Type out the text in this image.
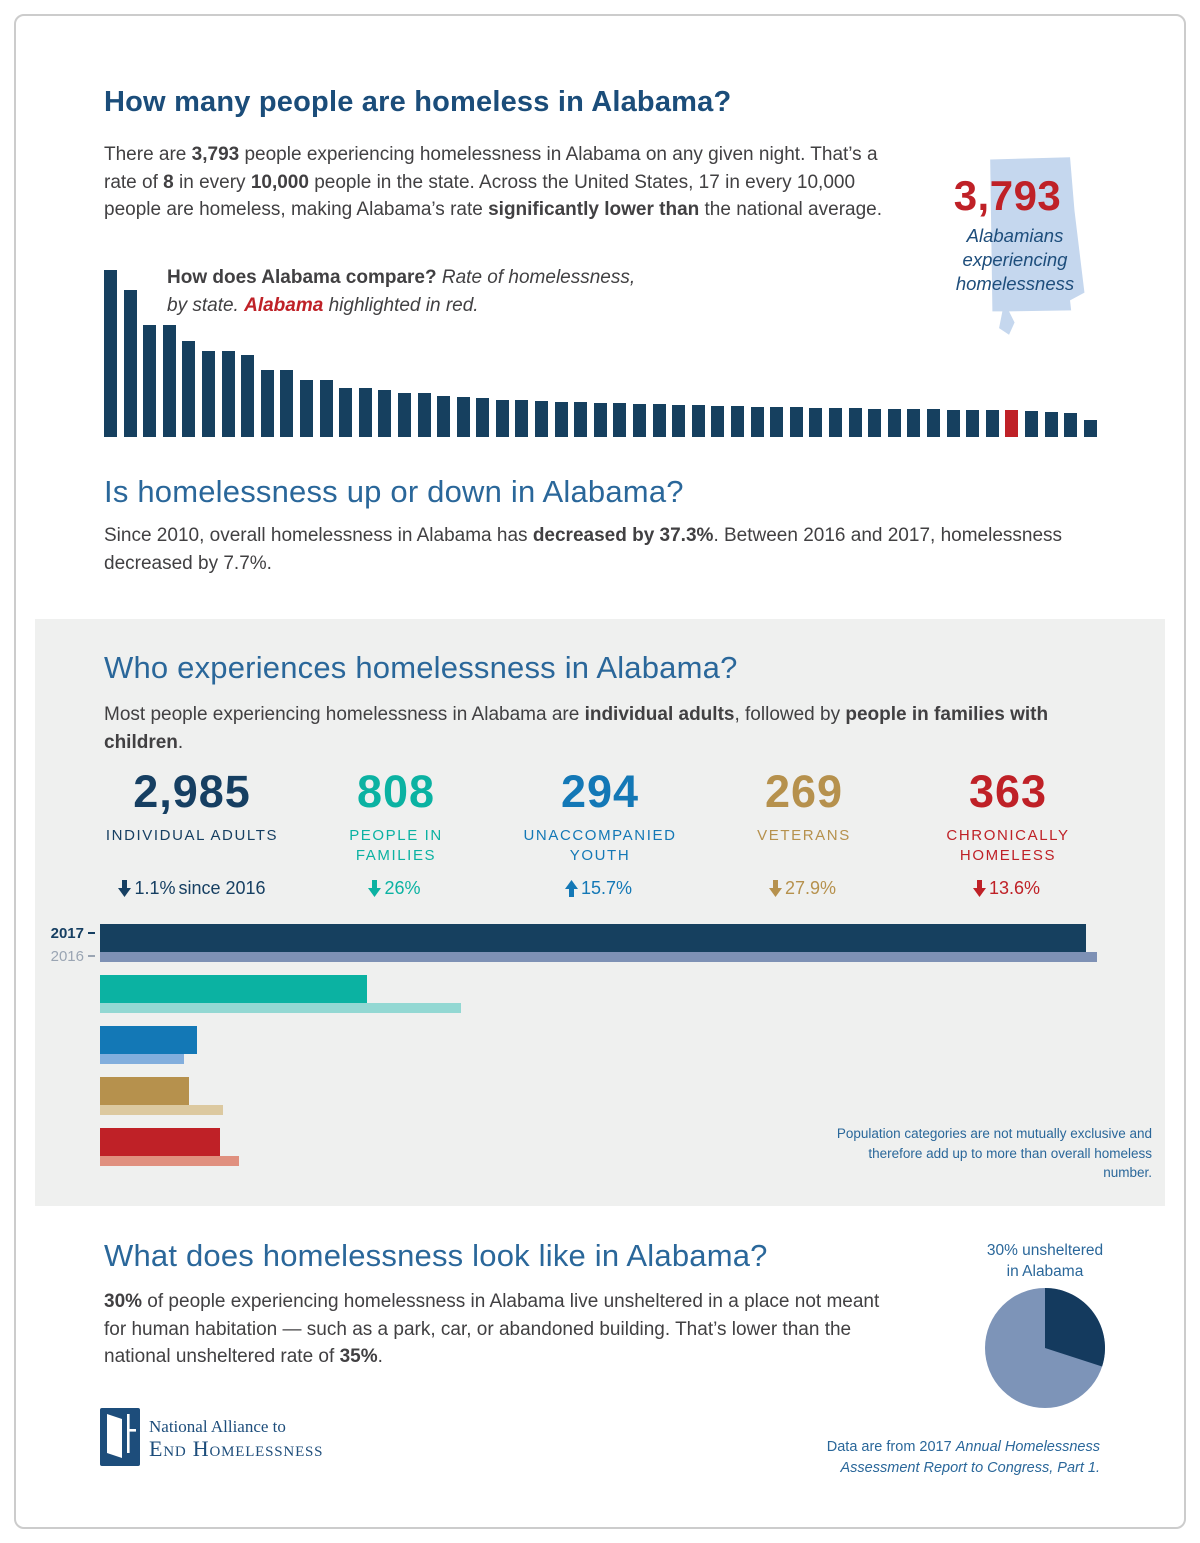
How many people are homeless in Alabama?
There are 3,793 people experiencing homelessness in Alabama on any given night. That’s a rate of 8 in every 10,000 people in the state. Across the United States, 17 in every 10,000 people are homeless, making Alabama’s rate significantly lower than the national average.	3,793
Alabamians
experiencing
homelessness
How does Alabama compare? Rate of homelessness,
by state. Alabama highlighted in red.
Is homelessness up or down in Alabama?
Since 2010, overall homelessness in Alabama has decreased by 37.3%. Between 2016 and 2017, homelessness decreased by 7.7%.
Who experiences homelessness in Alabama?
Most people experiencing homelessness in Alabama are individual adults, followed by people in families with children.
2,985
INDIVIDUAL ADULTS
1.1% since 2016
808
PEOPLE IN
FAMILIES
26%
294
UNACCOMPANIED
YOUTH
15.7%
269
VETERANS
27.9%
363
CHRONICALLY
HOMELESS
13.6%
2017
2016
Population categories are not mutually exclusive and therefore add up to more than overall homeless number.
What does homelessness look like in Alabama?	30% unsheltered
in Alabama
30% of people experiencing homelessness in Alabama live unsheltered in a place not meant for human habitation — such as a park, car, or abandoned building. That’s lower than the national unsheltered rate of 35%.
National Alliance to
End Homelessness	Data are from 2017 Annual Homelessness Assessment Report to Congress, Part 1.
